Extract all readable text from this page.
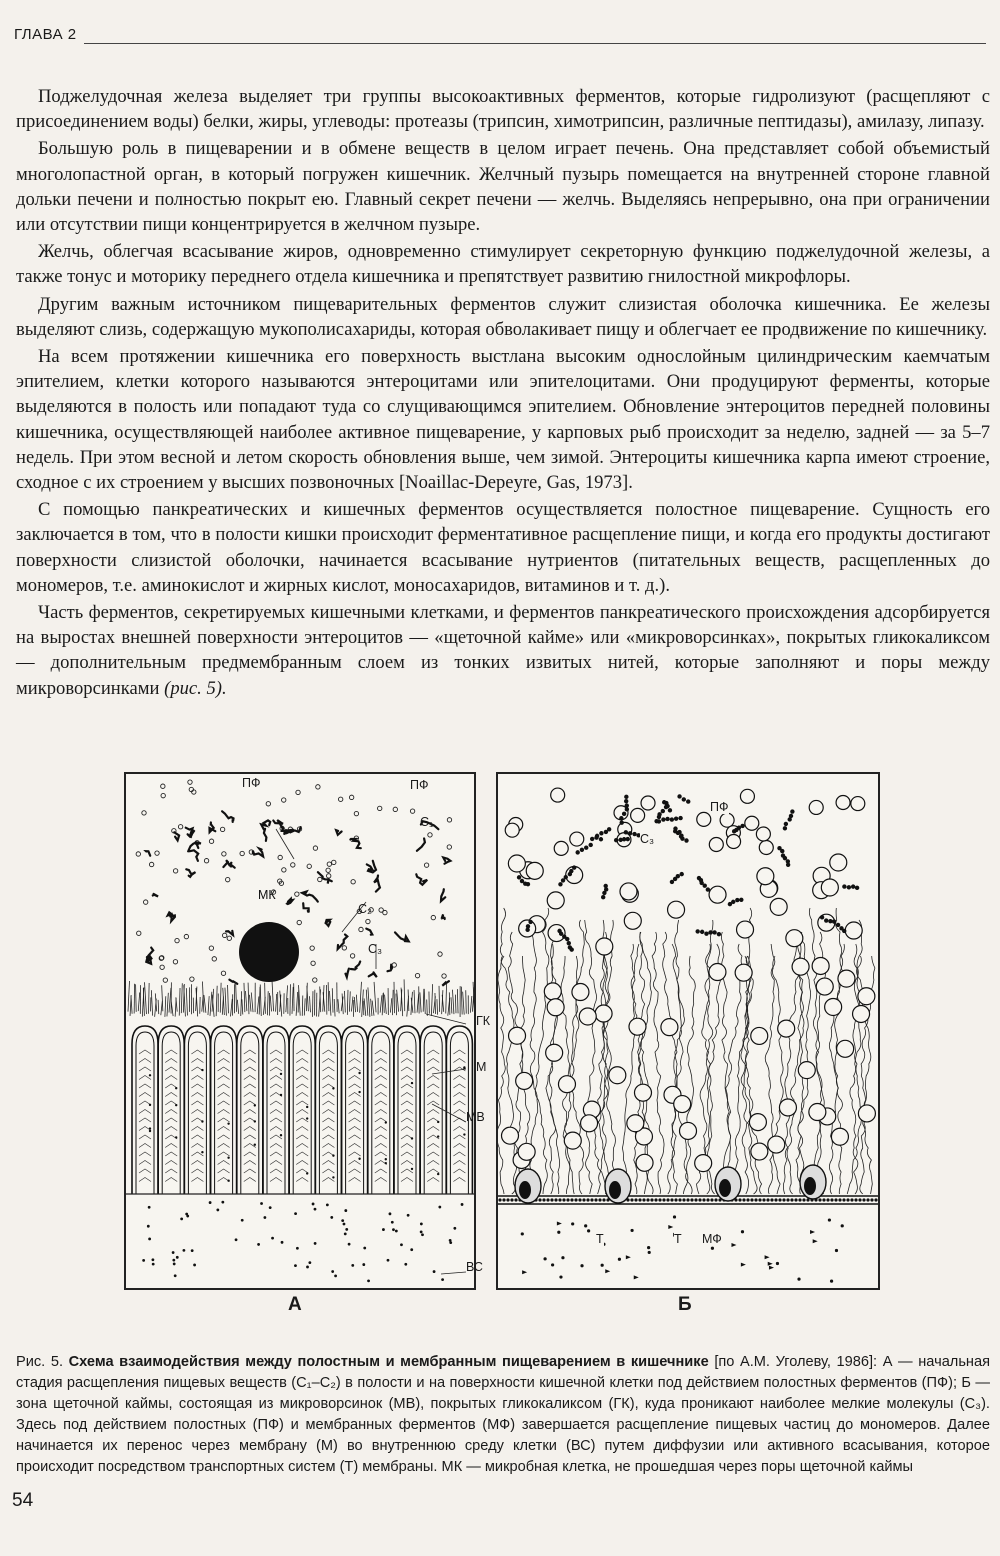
ГЛАВА 2

Поджелудочная железа выделяет три группы высокоактивных ферментов, которые гидролизуют (расщепляют с присоединением воды) белки, жиры, углеводы: протеазы (трипсин, химотрипсин, различные пептидазы), амилазу, липазу.

Большую роль в пищеварении и в обмене веществ в целом играет печень. Она представляет собой объемистый многолопастной орган, в который погружен кишечник. Желчный пузырь помещается на внутренней стороне главной дольки печени и полностью покрыт ею. Главный секрет печени — желчь. Выделяясь непрерывно, она при ограничении или отсутствии пищи концентрируется в желчном пузыре.

Желчь, облегчая всасывание жиров, одновременно стимулирует секреторную функцию поджелудочной железы, а также тонус и моторику переднего отдела кишечника и препятствует развитию гнилостной микрофлоры.

Другим важным источником пищеварительных ферментов служит слизистая оболочка кишечника. Ее железы выделяют слизь, содержащую мукополисахариды, которая обволакивает пищу и облегчает ее продвижение по кишечнику.

На всем протяжении кишечника его поверхность выстлана высоким однослойным цилиндрическим каемчатым эпителием, клетки которого называются энтероцитами или эпителоцитами. Они продуцируют ферменты, которые выделяются в полость или попадают туда со слущивающимся эпителием. Обновление энтероцитов передней половины кишечника, осуществляющей наиболее активное пищеварение, у карповых рыб происходит за неделю, задней — за 5–7 недель. При этом весной и летом скорость обновления выше, чем зимой. Энтероциты кишечника карпа имеют строение, сходное с их строением у высших позвоночных [Noaillac-Depeyre, Gas, 1973].

С помощью панкреатических и кишечных ферментов осуществляется полостное пищеварение. Сущность его заключается в том, что в полости кишки происходит ферментативное расщепление пищи, и когда его продукты достигают поверхности слизистой оболочки, начинается всасывание нутриентов (питательных веществ, расщепленных до мономеров, т.е. аминокислот и жирных кислот, моносахаридов, витаминов и т. д.).

Часть ферментов, секретируемых кишечными клетками, и ферментов панкреатического происхождения адсорбируется на выростах внешней поверхности энтероцитов — «щеточной кайме» или «микроворсинках», покрытых гликокаликсом — дополнительным предмембранным слоем из тонких извитых нитей, которые заполняют и поры между микроворсинками (рис. 5).

А
ПФ	ПФ
C₁
C₂
МК
C₃
ГК
М
МВ
ВС
Б
ПФ
C₃
Т	Т МФ
Рис. 5. Схема взаимодействия между полостным и мембранным пищеварением в кишечнике [по А.М. Уголеву, 1986]: А — начальная стадия расщепления пищевых веществ (C₁–C₂) в полости и на поверхности кишечной клетки под действием полостных ферментов (ПФ); Б — зона щеточной каймы, состоящая из микроворсинок (МВ), покрытых гликокаликсом (ГК), куда проникают наиболее мелкие молекулы (C₃). Здесь под действием полостных (ПФ) и мембранных ферментов (МФ) завершается расщепление пищевых частиц до мономеров. Далее начинается их перенос через мембрану (М) во внутреннюю среду клетки (ВС) путем диффузии или активного всасывания, которое происходит посредством транспортных систем (Т) мембраны. МК — микробная клетка, не прошедшая через поры щеточной каймы
54
